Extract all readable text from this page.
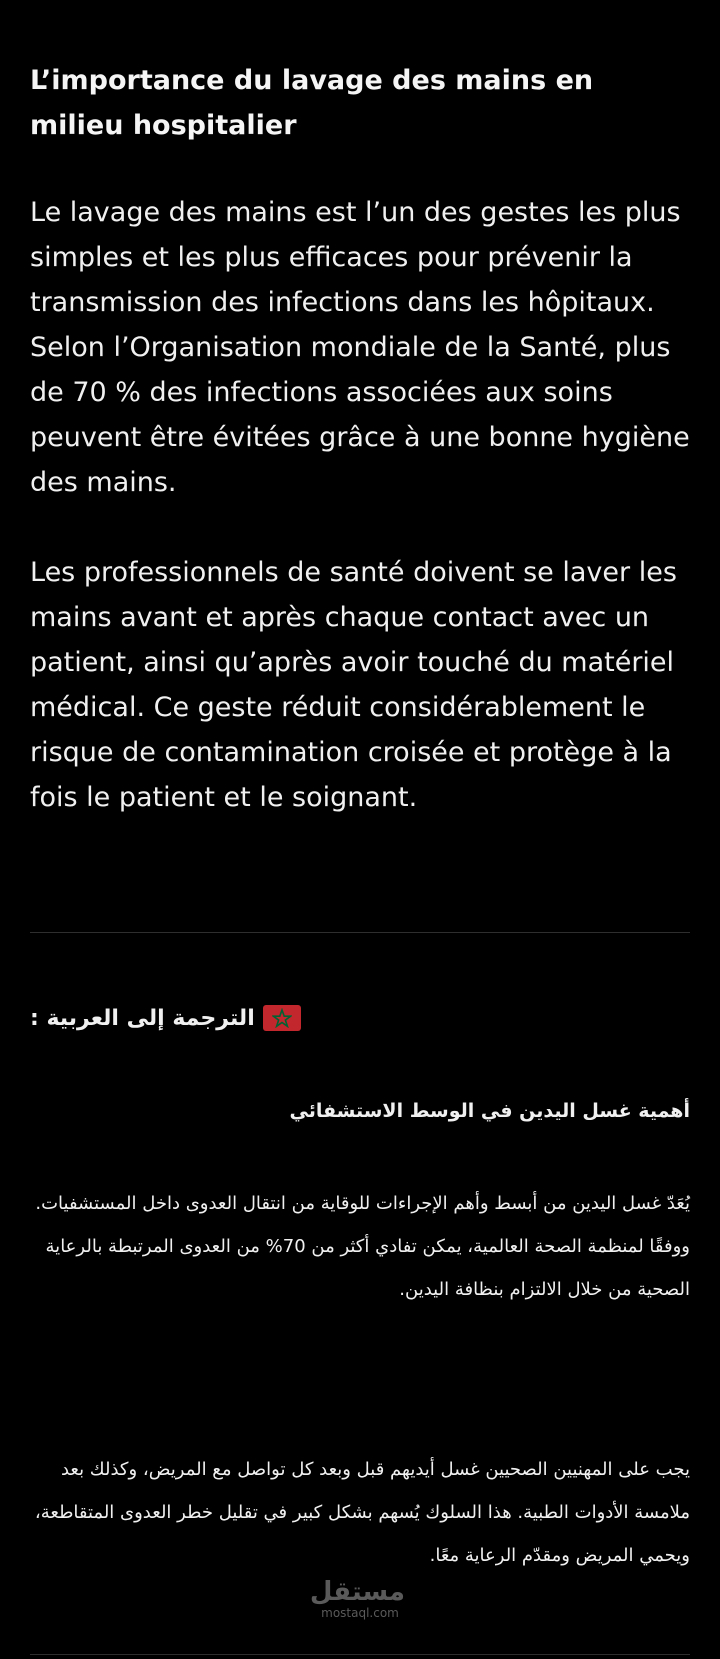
L’importance du lavage des mains en milieu hospitalier

Le lavage des mains est l’un des gestes les plus simples et les plus efficaces pour prévenir la transmission des infections dans les hôpitaux. Selon l’Organisation mondiale de la Santé, plus de 70 % des infections associées aux soins peuvent être évitées grâce à une bonne hygiène des mains.

Les professionnels de santé doivent se laver les mains avant et après chaque contact avec un patient, ainsi qu’après avoir touché du matériel médical. Ce geste réduit considérablement le risque de contamination croisée et protège à la fois le patient et le soignant.

الترجمة إلى العربية :
أهمية غسل اليدين في الوسط الاستشفائي

يُعَدّ غسل اليدين من أبسط وأهم الإجراءات للوقاية من انتقال العدوى داخل المستشفيات. ووفقًا لمنظمة الصحة العالمية، يمكن تفادي أكثر من 70% من العدوى المرتبطة بالرعاية الصحية من خلال الالتزام بنظافة اليدين.

يجب على المهنيين الصحيين غسل أيديهم قبل وبعد كل تواصل مع المريض، وكذلك بعد ملامسة الأدوات الطبية. هذا السلوك يُسهم بشكل كبير في تقليل خطر العدوى المتقاطعة، ويحمي المريض ومقدّم الرعاية معًا.

مستقل
mostaql.com
